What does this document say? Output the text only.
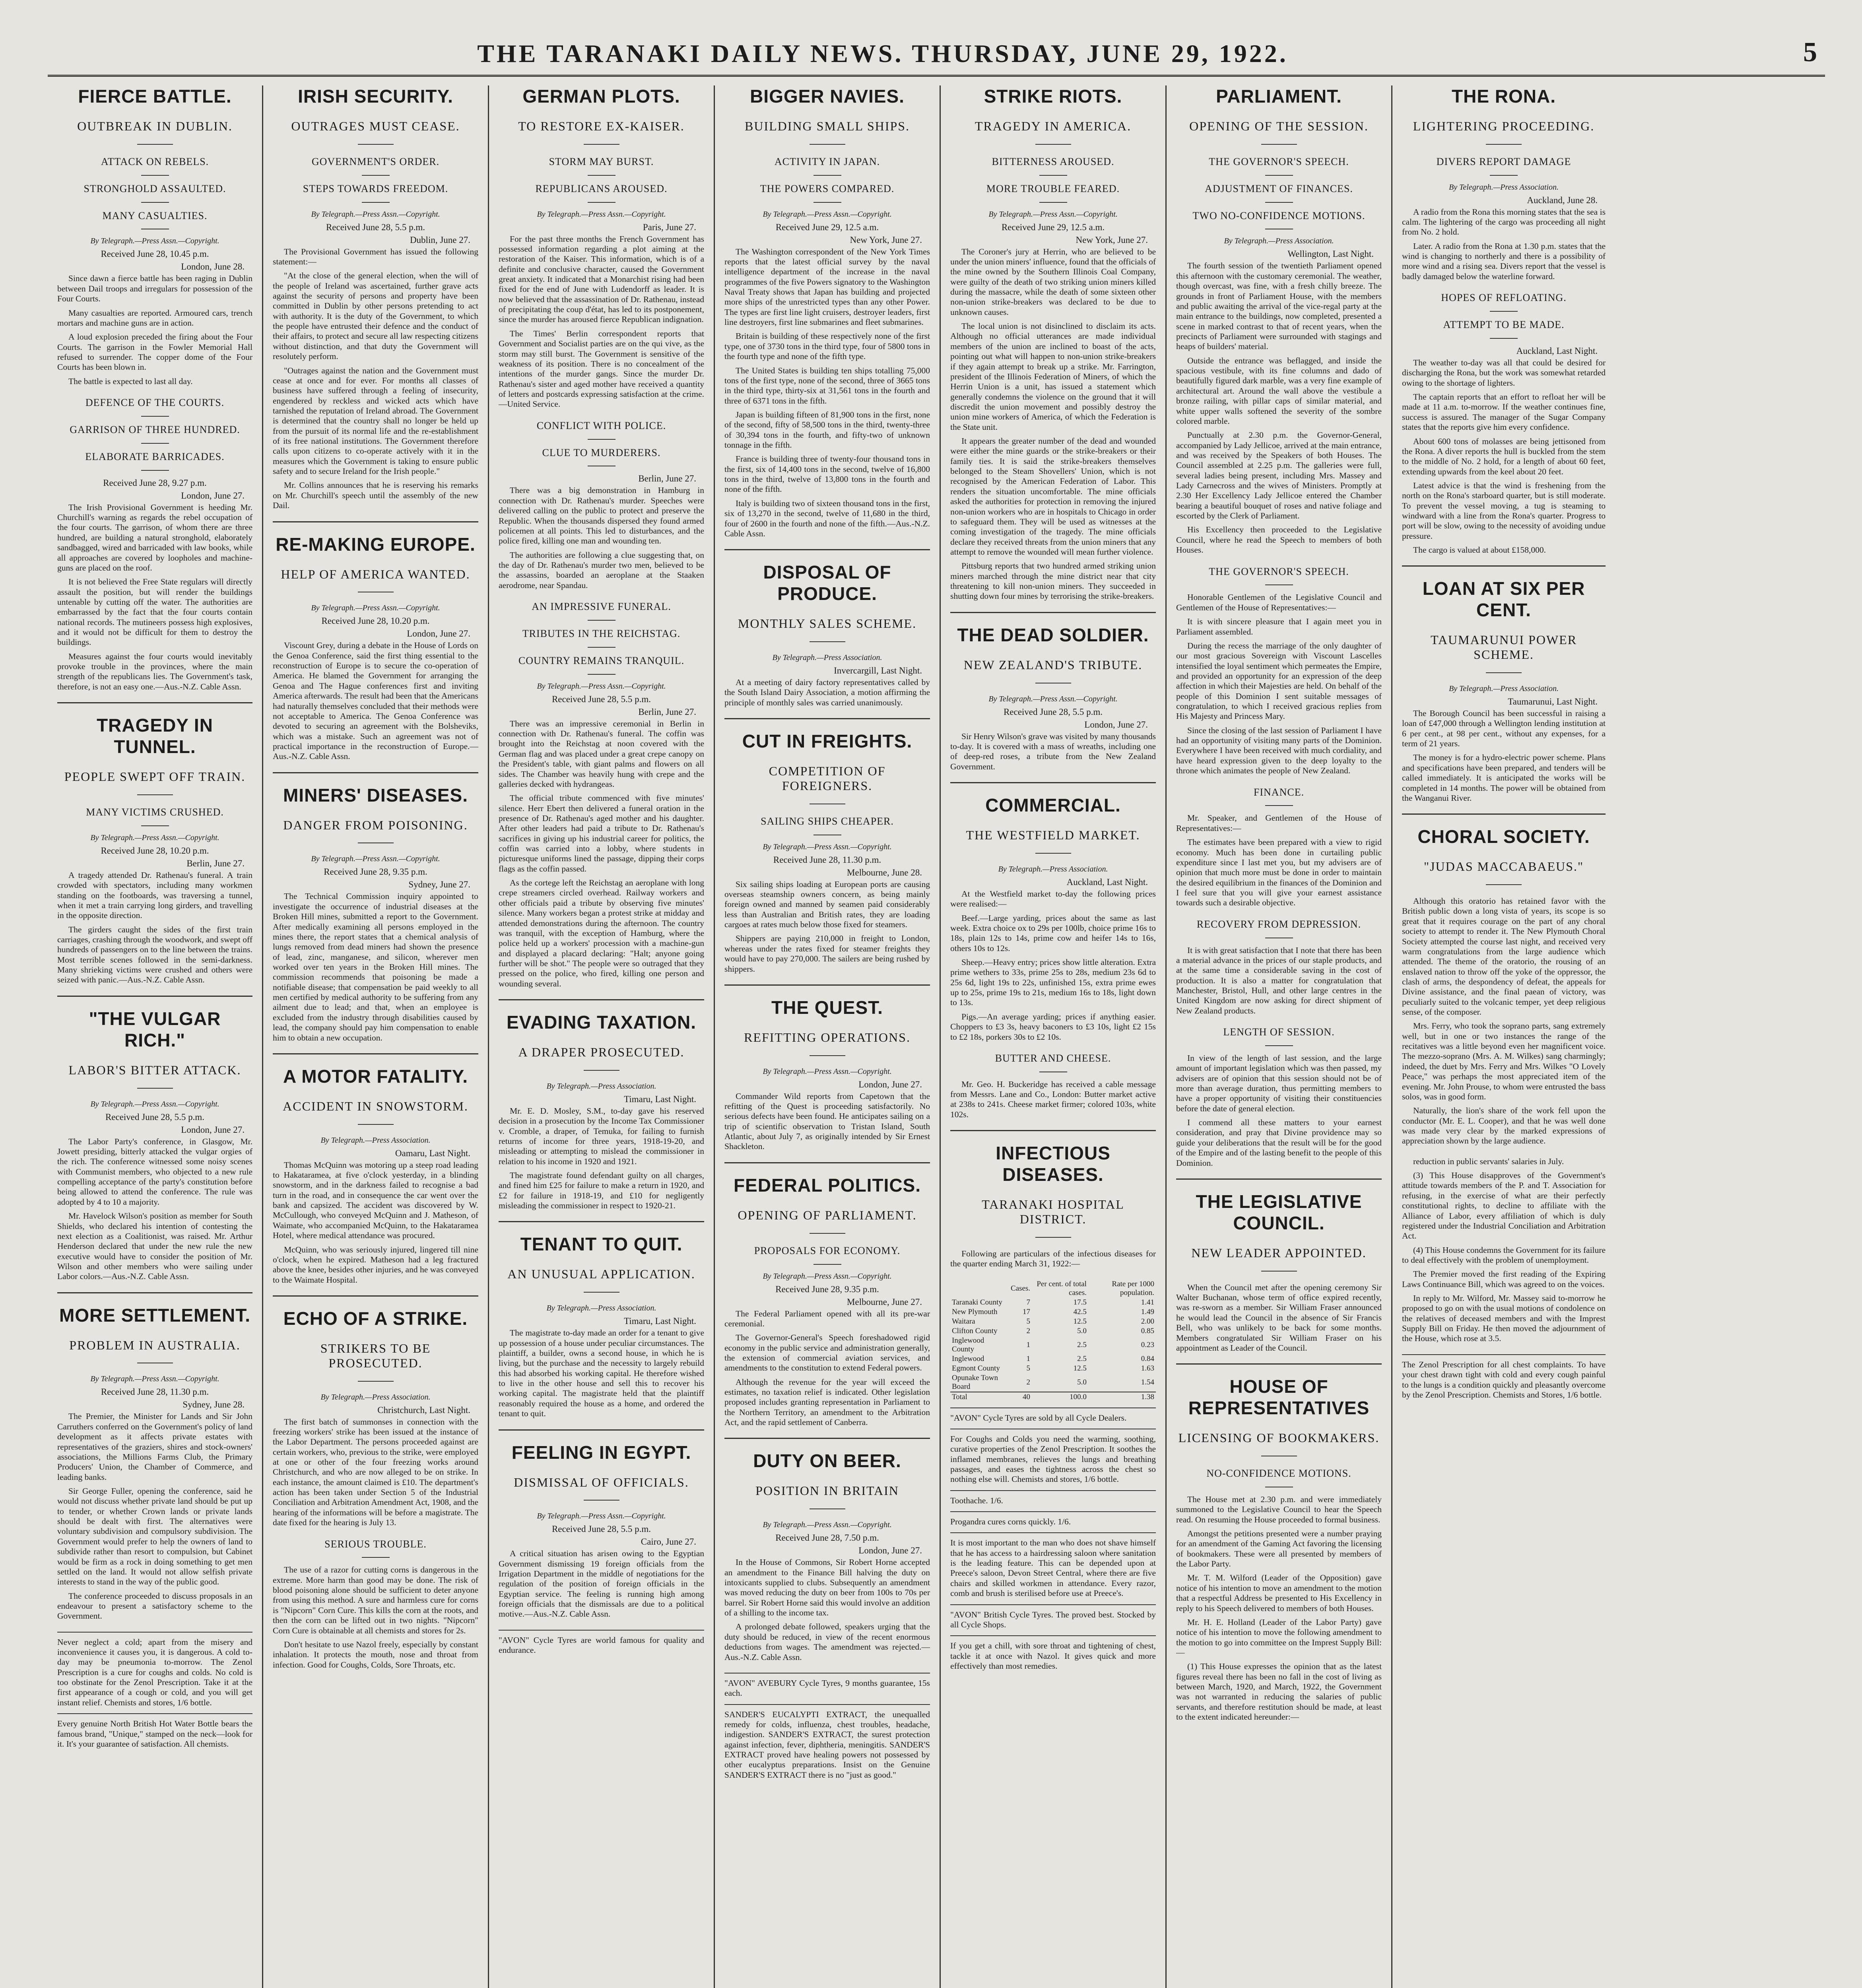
THE TARANAKI DAILY NEWS. THURSDAY, JUNE 29, 1922.	5
FIERCE BATTLE.
OUTBREAK IN DUBLIN.
ATTACK ON REBELS.
STRONGHOLD ASSAULTED.
MANY CASUALTIES.
By Telegraph.—Press Assn.—Copyright.
Received June 28, 10.45 p.m.
London, June 28.

Since dawn a fierce battle has been raging in Dublin between Dail troops and irregulars for possession of the Four Courts.

Many casualties are reported. Armoured cars, trench mortars and machine guns are in action.

A loud explosion preceded the firing about the Four Courts. The garrison in the Fowler Memorial Hall refused to surrender. The copper dome of the Four Courts has been blown in.

The battle is expected to last all day.

DEFENCE OF THE COURTS.
GARRISON OF THREE HUNDRED.
ELABORATE BARRICADES.
Received June 28, 9.27 p.m.
London, June 27.

The Irish Provisional Government is heeding Mr. Churchill's warning as regards the rebel occupation of the four courts. The garrison, of whom there are three hundred, are building a natural stronghold, elaborately sandbagged, wired and barricaded with law books, while all approaches are covered by loopholes and machine-guns are placed on the roof.

It is not believed the Free State regulars will directly assault the position, but will render the buildings untenable by cutting off the water. The authorities are embarrassed by the fact that the four courts contain national records. The mutineers possess high explosives, and it would not be difficult for them to destroy the buildings.

Measures against the four courts would inevitably provoke trouble in the provinces, where the main strength of the republicans lies. The Government's task, therefore, is not an easy one.—Aus.-N.Z. Cable Assn.

TRAGEDY IN TUNNEL.
PEOPLE SWEPT OFF TRAIN.
MANY VICTIMS CRUSHED.
By Telegraph.—Press Assn.—Copyright.
Received June 28, 10.20 p.m.
Berlin, June 27.

A tragedy attended Dr. Rathenau's funeral. A train crowded with spectators, including many workmen standing on the footboards, was traversing a tunnel, when it met a train carrying long girders, and travelling in the opposite direction.

The girders caught the sides of the first train carriages, crashing through the woodwork, and swept off hundreds of passengers on to the line between the trains. Most terrible scenes followed in the semi-darkness. Many shrieking victims were crushed and others were seized with panic.—Aus.-N.Z. Cable Assn.

"THE VULGAR RICH."
LABOR'S BITTER ATTACK.
By Telegraph.—Press Assn.—Copyright.
Received June 28, 5.5 p.m.
London, June 27.

The Labor Party's conference, in Glasgow, Mr. Jowett presiding, bitterly attacked the vulgar orgies of the rich. The conference witnessed some noisy scenes with Communist members, who objected to a new rule compelling acceptance of the party's constitution before being allowed to attend the conference. The rule was adopted by 4 to 10 a majority.

Mr. Havelock Wilson's position as member for South Shields, who declared his intention of contesting the next election as a Coalitionist, was raised. Mr. Arthur Henderson declared that under the new rule the new executive would have to consider the position of Mr. Wilson and other members who were sailing under Labor colors.—Aus.-N.Z. Cable Assn.

MORE SETTLEMENT.
PROBLEM IN AUSTRALIA.
By Telegraph.—Press Assn.—Copyright.
Received June 28, 11.30 p.m.
Sydney, June 28.

The Premier, the Minister for Lands and Sir John Carruthers conferred on the Government's policy of land development as it affects private estates with representatives of the graziers, shires and stock-owners' associations, the Millions Farms Club, the Primary Producers' Union, the Chamber of Commerce, and leading banks.

Sir George Fuller, opening the conference, said he would not discuss whether private land should be put up to tender, or whether Crown lands or private lands should be dealt with first. The alternatives were voluntary subdivision and compulsory subdivision. The Government would prefer to help the owners of land to subdivide rather than resort to compulsion, but Cabinet would be firm as a rock in doing something to get men settled on the land. It would not allow selfish private interests to stand in the way of the public good.

The conference proceeded to discuss proposals in an endeavour to present a satisfactory scheme to the Government.

Never neglect a cold; apart from the misery and inconvenience it causes you, it is dangerous. A cold to-day may be pneumonia to-morrow. The Zenol Prescription is a cure for coughs and colds. No cold is too obstinate for the Zenol Prescription. Take it at the first appearance of a cough or cold, and you will get instant relief. Chemists and stores, 1/6 bottle.

Every genuine North British Hot Water Bottle bears the famous brand, "Unique," stamped on the neck—look for it. It's your guarantee of satisfaction. All chemists.

IRISH SECURITY.
OUTRAGES MUST CEASE.
GOVERNMENT'S ORDER.
STEPS TOWARDS FREEDOM.
By Telegraph.—Press Assn.—Copyright.
Received June 28, 5.5 p.m.
Dublin, June 27.

The Provisional Government has issued the following statement:—

"At the close of the general election, when the will of the people of Ireland was ascertained, further grave acts against the security of persons and property have been committed in Dublin by other persons pretending to act with authority. It is the duty of the Government, to which the people have entrusted their defence and the conduct of their affairs, to protect and secure all law respecting citizens without distinction, and that duty the Government will resolutely perform.

"Outrages against the nation and the Government must cease at once and for ever. For months all classes of business have suffered through a feeling of insecurity, engendered by reckless and wicked acts which have tarnished the reputation of Ireland abroad. The Government is determined that the country shall no longer be held up from the pursuit of its normal life and the re-establishment of its free national institutions. The Government therefore calls upon citizens to co-operate actively with it in the measures which the Government is taking to ensure public safety and to secure Ireland for the Irish people."

Mr. Collins announces that he is reserving his remarks on Mr. Churchill's speech until the assembly of the new Dail.

RE-MAKING EUROPE.
HELP OF AMERICA WANTED.
By Telegraph.—Press Assn.—Copyright.
Received June 28, 10.20 p.m.
London, June 27.

Viscount Grey, during a debate in the House of Lords on the Genoa Conference, said the first thing essential to the reconstruction of Europe is to secure the co-operation of America. He blamed the Government for arranging the Genoa and The Hague conferences first and inviting America afterwards. The result had been that the Americans had naturally themselves concluded that their methods were not acceptable to America. The Genoa Conference was devoted to securing an agreement with the Bolsheviks, which was a mistake. Such an agreement was not of practical importance in the reconstruction of Europe.—Aus.-N.Z. Cable Assn.

MINERS' DISEASES.
DANGER FROM POISONING.
By Telegraph.—Press Assn.—Copyright.
Received June 28, 9.35 p.m.
Sydney, June 27.

The Technical Commission inquiry appointed to investigate the occurrence of industrial diseases at the Broken Hill mines, submitted a report to the Government. After medically examining all persons employed in the mines there, the report states that a chemical analysis of lungs removed from dead miners had shown the presence of lead, zinc, manganese, and silicon, wherever men worked over ten years in the Broken Hill mines. The commission recommends that poisoning be made a notifiable disease; that compensation be paid weekly to all men certified by medical authority to be suffering from any ailment due to lead; and that, when an employee is excluded from the industry through disabilities caused by lead, the company should pay him compensation to enable him to obtain a new occupation.

A MOTOR FATALITY.
ACCIDENT IN SNOWSTORM.
By Telegraph.—Press Association.
Oamaru, Last Night.

Thomas McQuinn was motoring up a steep road leading to Hakataramea, at five o'clock yesterday, in a blinding snowstorm, and in the darkness failed to recognise a bad turn in the road, and in consequence the car went over the bank and capsized. The accident was discovered by W. McCullough, who conveyed McQuinn and J. Matheson, of Waimate, who accompanied McQuinn, to the Hakataramea Hotel, where medical attendance was procured.

McQuinn, who was seriously injured, lingered till nine o'clock, when he expired. Matheson had a leg fractured above the knee, besides other injuries, and he was conveyed to the Waimate Hospital.

ECHO OF A STRIKE.
STRIKERS TO BE PROSECUTED.
By Telegraph.—Press Association.
Christchurch, Last Night.

The first batch of summonses in connection with the freezing workers' strike has been issued at the instance of the Labor Department. The persons proceeded against are certain workers, who, previous to the strike, were employed at one or other of the four freezing works around Christchurch, and who are now alleged to be on strike. In each instance, the amount claimed is £10. The department's action has been taken under Section 5 of the Industrial Conciliation and Arbitration Amendment Act, 1908, and the hearing of the informations will be before a magistrate. The date fixed for the hearing is July 13.

SERIOUS TROUBLE.

The use of a razor for cutting corns is dangerous in the extreme. More harm than good may be done. The risk of blood poisoning alone should be sufficient to deter anyone from using this method. A sure and harmless cure for corns is "Nipcorn" Corn Cure. This kills the corn at the roots, and then the corn can be lifted out in two nights. "Nipcorn" Corn Cure is obtainable at all chemists and stores for 2s.

Don't hesitate to use Nazol freely, especially by constant inhalation. It protects the mouth, nose and throat from infection. Good for Coughs, Colds, Sore Throats, etc.

GERMAN PLOTS.
TO RESTORE EX-KAISER.
STORM MAY BURST.
REPUBLICANS AROUSED.
By Telegraph.—Press Assn.—Copyright.
Paris, June 27.

For the past three months the French Government has possessed information regarding a plot aiming at the restoration of the Kaiser. This information, which is of a definite and conclusive character, caused the Government great anxiety. It indicated that a Monarchist rising had been fixed for the end of June with Ludendorff as leader. It is now believed that the assassination of Dr. Rathenau, instead of precipitating the coup d'état, has led to its postponement, since the murder has aroused fierce Republican indignation.

The Times' Berlin correspondent reports that Government and Socialist parties are on the qui vive, as the storm may still burst. The Government is sensitive of the weakness of its position. There is no concealment of the intentions of the murder gangs. Since the murder Dr. Rathenau's sister and aged mother have received a quantity of letters and postcards expressing satisfaction at the crime.—United Service.

CONFLICT WITH POLICE.
CLUE TO MURDERERS.
Berlin, June 27.

There was a big demonstration in Hamburg in connection with Dr. Rathenau's murder. Speeches were delivered calling on the public to protect and preserve the Republic. When the thousands dispersed they found armed policemen at all points. This led to disturbances, and the police fired, killing one man and wounding ten.

The authorities are following a clue suggesting that, on the day of Dr. Rathenau's murder two men, believed to be the assassins, boarded an aeroplane at the Staaken aerodrome, near Spandau.

AN IMPRESSIVE FUNERAL.
TRIBUTES IN THE REICHSTAG.
COUNTRY REMAINS TRANQUIL.
By Telegraph.—Press Assn.—Copyright.
Received June 28, 5.5 p.m.
Berlin, June 27.

There was an impressive ceremonial in Berlin in connection with Dr. Rathenau's funeral. The coffin was brought into the Reichstag at noon covered with the German flag and was placed under a great crepe canopy on the President's table, with giant palms and flowers on all sides. The Chamber was heavily hung with crepe and the galleries decked with hydrangeas.

The official tribute commenced with five minutes' silence. Herr Ebert then delivered a funeral oration in the presence of Dr. Rathenau's aged mother and his daughter. After other leaders had paid a tribute to Dr. Rathenau's sacrifices in giving up his industrial career for politics, the coffin was carried into a lobby, where students in picturesque uniforms lined the passage, dipping their corps flags as the coffin passed.

As the cortege left the Reichstag an aeroplane with long crepe streamers circled overhead. Railway workers and other officials paid a tribute by observing five minutes' silence. Many workers began a protest strike at midday and attended demonstrations during the afternoon. The country was tranquil, with the exception of Hamburg, where the police held up a workers' procession with a machine-gun and displayed a placard declaring: "Halt; anyone going further will be shot." The people were so outraged that they pressed on the police, who fired, killing one person and wounding several.

EVADING TAXATION.
A DRAPER PROSECUTED.
By Telegraph.—Press Association.
Timaru, Last Night.

Mr. E. D. Mosley, S.M., to-day gave his reserved decision in a prosecution by the Income Tax Commissioner v. Cromble, a draper, of Temuka, for failing to furnish returns of income for three years, 1918-19-20, and misleading or attempting to mislead the commissioner in relation to his income in 1920 and 1921.

The magistrate found defendant guilty on all charges, and fined him £25 for failure to make a return in 1920, and £2 for failure in 1918-19, and £10 for negligently misleading the commissioner in respect to 1920-21.

TENANT TO QUIT.
AN UNUSUAL APPLICATION.
By Telegraph.—Press Association.
Timaru, Last Night.

The magistrate to-day made an order for a tenant to give up possession of a house under peculiar circumstances. The plaintiff, a builder, owns a second house, in which he is living, but the purchase and the necessity to largely rebuild this had absorbed his working capital. He therefore wished to live in the other house and sell this to recover his working capital. The magistrate held that the plaintiff reasonably required the house as a home, and ordered the tenant to quit.

FEELING IN EGYPT.
DISMISSAL OF OFFICIALS.
By Telegraph.—Press Assn.—Copyright.
Received June 28, 5.5 p.m.
Cairo, June 27.

A critical situation has arisen owing to the Egyptian Government dismissing 19 foreign officials from the Irrigation Department in the middle of negotiations for the regulation of the position of foreign officials in the Egyptian service. The feeling is running high among foreign officials that the dismissals are due to a political motive.—Aus.-N.Z. Cable Assn.

"AVON" Cycle Tyres are world famous for quality and endurance.

BIGGER NAVIES.
BUILDING SMALL SHIPS.
ACTIVITY IN JAPAN.
THE POWERS COMPARED.
By Telegraph.—Press Assn.—Copyright.
Received June 29, 12.5 a.m.
New York, June 27.

The Washington correspondent of the New York Times reports that the latest official survey by the naval intelligence department of the increase in the naval programmes of the five Powers signatory to the Washington Naval Treaty shows that Japan has building and projected more ships of the unrestricted types than any other Power. The types are first line light cruisers, destroyer leaders, first line destroyers, first line submarines and fleet submarines.

Britain is building of these respectively none of the first type, one of 3730 tons in the third type, four of 5800 tons in the fourth type and none of the fifth type.

The United States is building ten ships totalling 75,000 tons of the first type, none of the second, three of 3665 tons in the third type, thirty-six at 31,561 tons in the fourth and three of 6371 tons in the fifth.

Japan is building fifteen of 81,900 tons in the first, none of the second, fifty of 58,500 tons in the third, twenty-three of 30,394 tons in the fourth, and fifty-two of unknown tonnage in the fifth.

France is building three of twenty-four thousand tons in the first, six of 14,400 tons in the second, twelve of 16,800 tons in the third, twelve of 13,800 tons in the fourth and none of the fifth.

Italy is building two of sixteen thousand tons in the first, six of 13,270 in the second, twelve of 11,680 in the third, four of 2600 in the fourth and none of the fifth.—Aus.-N.Z. Cable Assn.

DISPOSAL OF PRODUCE.
MONTHLY SALES SCHEME.
By Telegraph.—Press Association.
Invercargill, Last Night.

At a meeting of dairy factory representatives called by the South Island Dairy Association, a motion affirming the principle of monthly sales was carried unanimously.

CUT IN FREIGHTS.
COMPETITION OF FOREIGNERS.
SAILING SHIPS CHEAPER.
By Telegraph.—Press Assn.—Copyright.
Received June 28, 11.30 p.m.
Melbourne, June 28.

Six sailing ships loading at European ports are causing overseas steamship owners concern, as being mainly foreign owned and manned by seamen paid considerably less than Australian and British rates, they are loading cargoes at rates much below those fixed for steamers.

Shippers are paying 210,000 in freight to London, whereas under the rates fixed for steamer freights they would have to pay 270,000. The sailers are being rushed by shippers.

THE QUEST.
REFITTING OPERATIONS.
By Telegraph.—Press Assn.—Copyright.
London, June 27.

Commander Wild reports from Capetown that the refitting of the Quest is proceeding satisfactorily. No serious defects have been found. He anticipates sailing on a trip of scientific observation to Tristan Island, South Atlantic, about July 7, as originally intended by Sir Ernest Shackleton.

FEDERAL POLITICS.
OPENING OF PARLIAMENT.
PROPOSALS FOR ECONOMY.
By Telegraph.—Press Assn.—Copyright.
Received June 28, 9.35 p.m.
Melbourne, June 27.

The Federal Parliament opened with all its pre-war ceremonial.

The Governor-General's Speech foreshadowed rigid economy in the public service and administration generally, the extension of commercial aviation services, and amendments to the constitution to extend Federal powers.

Although the revenue for the year will exceed the estimates, no taxation relief is indicated. Other legislation proposed includes granting representation in Parliament to the Northern Territory, an amendment to the Arbitration Act, and the rapid settlement of Canberra.

DUTY ON BEER.
POSITION IN BRITAIN
By Telegraph.—Press Assn.—Copyright.
Received June 28, 7.50 p.m.
London, June 27.

In the House of Commons, Sir Robert Horne accepted an amendment to the Finance Bill halving the duty on intoxicants supplied to clubs. Subsequently an amendment was moved reducing the duty on beer from 100s to 70s per barrel. Sir Robert Horne said this would involve an addition of a shilling to the income tax.

A prolonged debate followed, speakers urging that the duty should be reduced, in view of the recent enormous deductions from wages. The amendment was rejected.—Aus.-N.Z. Cable Assn.

"AVON" AVEBURY Cycle Tyres, 9 months guarantee, 15s each.

SANDER'S EUCALYPTI EXTRACT, the unequalled remedy for colds, influenza, chest troubles, headache, indigestion. SANDER'S EXTRACT, the surest protection against infection, fever, diphtheria, meningitis. SANDER'S EXTRACT proved have healing powers not possessed by other eucalyptus preparations. Insist on the Genuine SANDER'S EXTRACT there is no "just as good."

STRIKE RIOTS.
TRAGEDY IN AMERICA.
BITTERNESS AROUSED.
MORE TROUBLE FEARED.
By Telegraph.—Press Assn.—Copyright.
Received June 29, 12.5 a.m.
New York, June 27.

The Coroner's jury at Herrin, who are believed to be under the union miners' influence, found that the officials of the mine owned by the Southern Illinois Coal Company, were guilty of the death of two striking union miners killed during the massacre, while the death of some sixteen other non-union strike-breakers was declared to be due to unknown causes.

The local union is not disinclined to disclaim its acts. Although no official utterances are made individual members of the union are inclined to boast of the acts, pointing out what will happen to non-union strike-breakers if they again attempt to break up a strike. Mr. Farrington, president of the Illinois Federation of Miners, of which the Herrin Union is a unit, has issued a statement which generally condemns the violence on the ground that it will discredit the union movement and possibly destroy the union mine workers of America, of which the Federation is the State unit.

It appears the greater number of the dead and wounded were either the mine guards or the strike-breakers or their family ties. It is said the strike-breakers themselves belonged to the Steam Shovellers' Union, which is not recognised by the American Federation of Labor. This renders the situation uncomfortable. The mine officials asked the authorities for protection in removing the injured non-union workers who are in hospitals to Chicago in order to safeguard them. They will be used as witnesses at the coming investigation of the tragedy. The mine officials declare they received threats from the union miners that any attempt to remove the wounded will mean further violence.

Pittsburg reports that two hundred armed striking union miners marched through the mine district near that city threatening to kill non-union miners. They succeeded in shutting down four mines by terrorising the strike-breakers.

THE DEAD SOLDIER.
NEW ZEALAND'S TRIBUTE.
By Telegraph.—Press Assn.—Copyright.
Received June 28, 5.5 p.m.
London, June 27.

Sir Henry Wilson's grave was visited by many thousands to-day. It is covered with a mass of wreaths, including one of deep-red roses, a tribute from the New Zealand Government.

COMMERCIAL.
THE WESTFIELD MARKET.
By Telegraph.—Press Association.
Auckland, Last Night.

At the Westfield market to-day the following prices were realised:—

Beef.—Large yarding, prices about the same as last week. Extra choice ox to 29s per 100lb, choice prime 16s to 18s, plain 12s to 14s, prime cow and heifer 14s to 16s, others 10s to 12s.

Sheep.—Heavy entry; prices show little alteration. Extra prime wethers to 33s, prime 25s to 28s, medium 23s 6d to 25s 6d, light 19s to 22s, unfinished 15s, extra prime ewes up to 25s, prime 19s to 21s, medium 16s to 18s, light down to 13s.

Pigs.—An average yarding; prices if anything easier. Choppers to £3 3s, heavy baconers to £3 10s, light £2 15s to £2 18s, porkers 30s to £2 10s.

BUTTER AND CHEESE.

Mr. Geo. H. Buckeridge has received a cable message from Messrs. Lane and Co., London: Butter market active at 238s to 241s. Cheese market firmer; colored 103s, white 102s.

INFECTIOUS DISEASES.
TARANAKI HOSPITAL DISTRICT.

Following are particulars of the infectious diseases for the quarter ending March 31, 1922:—

	Cases.	Per cent. of total cases.	Rate per 1000 population.
Taranaki County	7	17.5	1.41
New Plymouth	17	42.5	1.49
Waitara	5	12.5	2.00
Clifton County	2	5.0	0.85
Inglewood County	1	2.5	0.23
Inglewood	1	2.5	0.84
Egmont County	5	12.5	1.63
Opunake Town Board	2	5.0	1.54
Total	40	100.0	1.38

"AVON" Cycle Tyres are sold by all Cycle Dealers.

For Coughs and Colds you need the warming, soothing, curative properties of the Zenol Prescription. It soothes the inflamed membranes, relieves the lungs and breathing passages, and eases the tightness across the chest so nothing else will. Chemists and stores, 1/6 bottle.

Toothache. 1/6.

Progandra cures corns quickly. 1/6.

It is most important to the man who does not shave himself that he has access to a hairdressing saloon where sanitation is the leading feature. This can be depended upon at Preece's saloon, Devon Street Central, where there are five chairs and skilled workmen in attendance. Every razor, comb and brush is sterilised before use at Preece's.

"AVON" British Cycle Tyres. The proved best. Stocked by all Cycle Shops.

If you get a chill, with sore throat and tightening of chest, tackle it at once with Nazol. It gives quick and more effectively than most remedies.

PARLIAMENT.
OPENING OF THE SESSION.
THE GOVERNOR'S SPEECH.
ADJUSTMENT OF FINANCES.
TWO NO-CONFIDENCE MOTIONS.
By Telegraph.—Press Association.
Wellington, Last Night.

The fourth session of the twentieth Parliament opened this afternoon with the customary ceremonial. The weather, though overcast, was fine, with a fresh chilly breeze. The grounds in front of Parliament House, with the members and public awaiting the arrival of the vice-regal party at the main entrance to the buildings, now completed, presented a scene in marked contrast to that of recent years, when the precincts of Parliament were surrounded with stagings and heaps of builders' material.

Outside the entrance was beflagged, and inside the spacious vestibule, with its fine columns and dado of beautifully figured dark marble, was a very fine example of architectural art. Around the wall above the vestibule a bronze railing, with pillar caps of similar material, and white upper walls softened the severity of the sombre colored marble.

Punctually at 2.30 p.m. the Governor-General, accompanied by Lady Jellicoe, arrived at the main entrance, and was received by the Speakers of both Houses. The Council assembled at 2.25 p.m. The galleries were full, several ladies being present, including Mrs. Massey and Lady Carnecross and the wives of Ministers. Promptly at 2.30 Her Excellency Lady Jellicoe entered the Chamber bearing a beautiful bouquet of roses and native foliage and escorted by the Clerk of Parliament.

His Excellency then proceeded to the Legislative Council, where he read the Speech to members of both Houses.

THE GOVERNOR'S SPEECH.

Honorable Gentlemen of the Legislative Council and Gentlemen of the House of Representatives:—

It is with sincere pleasure that I again meet you in Parliament assembled.

During the recess the marriage of the only daughter of our most gracious Sovereign with Viscount Lascelles intensified the loyal sentiment which permeates the Empire, and provided an opportunity for an expression of the deep affection in which their Majesties are held. On behalf of the people of this Dominion I sent suitable messages of congratulation, to which I received gracious replies from His Majesty and Princess Mary.

Since the closing of the last session of Parliament I have had an opportunity of visiting many parts of the Dominion. Everywhere I have been received with much cordiality, and have heard expression given to the deep loyalty to the throne which animates the people of New Zealand.

FINANCE.

Mr. Speaker, and Gentlemen of the House of Representatives:—

The estimates have been prepared with a view to rigid economy. Much has been done in curtailing public expenditure since I last met you, but my advisers are of opinion that much more must be done in order to maintain the desired equilibrium in the finances of the Dominion and I feel sure that you will give your earnest assistance towards such a desirable objective.

RECOVERY FROM DEPRESSION.

It is with great satisfaction that I note that there has been a material advance in the prices of our staple products, and at the same time a considerable saving in the cost of production. It is also a matter for congratulation that Manchester, Bristol, Hull, and other large centres in the United Kingdom are now asking for direct shipment of New Zealand products.

LENGTH OF SESSION.

In view of the length of last session, and the large amount of important legislation which was then passed, my advisers are of opinion that this session should not be of more than average duration, thus permitting members to have a proper opportunity of visiting their constituencies before the date of general election.

I commend all these matters to your earnest consideration, and pray that Divine providence may so guide your deliberations that the result will be for the good of the Empire and of the lasting benefit to the people of this Dominion.

THE LEGISLATIVE COUNCIL.
NEW LEADER APPOINTED.

When the Council met after the opening ceremony Sir Walter Buchanan, whose term of office expired recently, was re-sworn as a member. Sir William Fraser announced he would lead the Council in the absence of Sir Francis Bell, who was unlikely to be back for some months. Members congratulated Sir William Fraser on his appointment as Leader of the Council.

HOUSE OF REPRESENTATIVES
LICENSING OF BOOKMAKERS.
NO-CONFIDENCE MOTIONS.

The House met at 2.30 p.m. and were immediately summoned to the Legislative Council to hear the Speech read. On resuming the House proceeded to formal business.

Amongst the petitions presented were a number praying for an amendment of the Gaming Act favoring the licensing of bookmakers. These were all presented by members of the Labor Party.

Mr. T. M. Wilford (Leader of the Opposition) gave notice of his intention to move an amendment to the motion that a respectful Address be presented to His Excellency in reply to his Speech delivered to members of both Houses.

Mr. H. E. Holland (Leader of the Labor Party) gave notice of his intention to move the following amendment to the motion to go into committee on the Imprest Supply Bill:—

(1) This House expresses the opinion that as the latest figures reveal there has been no fall in the cost of living as between March, 1920, and March, 1922, the Government was not warranted in reducing the salaries of public servants, and therefore restitution should be made, at least to the extent indicated hereunder:—

THE RONA.
LIGHTERING PROCEEDING.
DIVERS REPORT DAMAGE
By Telegraph.—Press Association.
Auckland, June 28.

A radio from the Rona this morning states that the sea is calm. The lightering of the cargo was proceeding all night from No. 2 hold.

Later. A radio from the Rona at 1.30 p.m. states that the wind is changing to northerly and there is a possibility of more wind and a rising sea. Divers report that the vessel is badly damaged below the waterline forward.

HOPES OF REFLOATING.
ATTEMPT TO BE MADE.
Auckland, Last Night.

The weather to-day was all that could be desired for discharging the Rona, but the work was somewhat retarded owing to the shortage of lighters.

The captain reports that an effort to refloat her will be made at 11 a.m. to-morrow. If the weather continues fine, success is assured. The manager of the Sugar Company states that the reports give him every confidence.

About 600 tons of molasses are being jettisoned from the Rona. A diver reports the hull is buckled from the stem to the middle of No. 2 hold, for a length of about 60 feet, extending upwards from the keel about 20 feet.

Latest advice is that the wind is freshening from the north on the Rona's starboard quarter, but is still moderate. To prevent the vessel moving, a tug is steaming to windward with a line from the Rona's quarter. Progress to port will be slow, owing to the necessity of avoiding undue pressure.

The cargo is valued at about £158,000.

LOAN AT SIX PER CENT.
TAUMARUNUI POWER SCHEME.
By Telegraph.—Press Association.
Taumarunui, Last Night.

The Borough Council has been successful in raising a loan of £47,000 through a Wellington lending institution at 6 per cent., at 98 per cent., without any expenses, for a term of 21 years.

The money is for a hydro-electric power scheme. Plans and specifications have been prepared, and tenders will be called immediately. It is anticipated the works will be completed in 14 months. The power will be obtained from the Wanganui River.

CHORAL SOCIETY.
"JUDAS MACCABAEUS."

Although this oratorio has retained favor with the British public down a long vista of years, its scope is so great that it requires courage on the part of any choral society to attempt to render it. The New Plymouth Choral Society attempted the course last night, and received very warm congratulations from the large audience which attended. The theme of the oratorio, the rousing of an enslaved nation to throw off the yoke of the oppressor, the clash of arms, the despondency of defeat, the appeals for Divine assistance, and the final paean of victory, was peculiarly suited to the volcanic temper, yet deep religious sense, of the composer.

Mrs. Ferry, who took the soprano parts, sang extremely well, but in one or two instances the range of the recitatives was a little beyond even her magnificent voice. The mezzo-soprano (Mrs. A. M. Wilkes) sang charmingly; indeed, the duet by Mrs. Ferry and Mrs. Wilkes "O Lovely Peace," was perhaps the most appreciated item of the evening. Mr. John Prouse, to whom were entrusted the bass solos, was in good form.

Naturally, the lion's share of the work fell upon the conductor (Mr. E. L. Cooper), and that he was well done was made very clear by the marked expressions of appreciation shown by the large audience.

reduction in public servants' salaries in July.

(3) This House disapproves of the Government's attitude towards members of the P. and T. Association for refusing, in the exercise of what are their perfectly constitutional rights, to decline to affiliate with the Alliance of Labor, every affiliation of which is duly registered under the Industrial Conciliation and Arbitration Act.

(4) This House condemns the Government for its failure to deal effectively with the problem of unemployment.

The Premier moved the first reading of the Expiring Laws Continuance Bill, which was agreed to on the voices.

In reply to Mr. Wilford, Mr. Massey said to-morrow he proposed to go on with the usual motions of condolence on the relatives of deceased members and with the Imprest Supply Bill on Friday. He then moved the adjournment of the House, which rose at 3.5.

The Zenol Prescription for all chest complaints. To have your chest drawn tight with cold and every cough painful to the lungs is a condition quickly and pleasantly overcome by the Zenol Prescription. Chemists and Stores, 1/6 bottle.
